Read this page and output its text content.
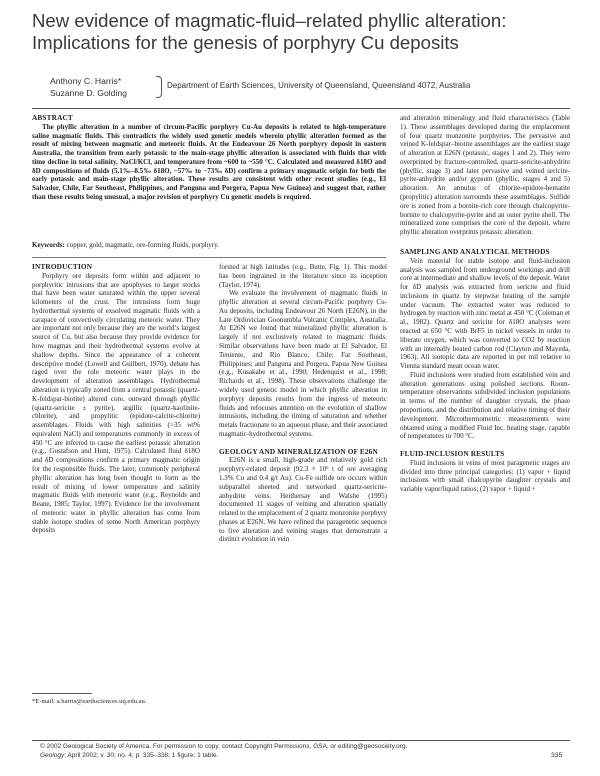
New evidence of magmatic-fluid–related phyllic alteration: Implications for the genesis of porphyry Cu deposits
Anthony C. Harris*
Suzanne D. Golding
Department of Earth Sciences, University of Queensland, Queensland 4072, Australia

ABSTRACT

The phyllic alteration in a number of circum-Pacific porphyry Cu-Au deposits is related to high-temperature saline magmatic fluids. This contradicts the widely used genetic models wherein phyllic alteration formed as the result of mixing between magmatic and meteoric fluids. At the Endeavour 26 North porphyry deposit in eastern Australia, the transition from early potassic to the main-stage phyllic alteration is associated with fluids that with time decline in total salinity, NaCl/KCl, and temperature from ~600 to ~550 °C. Calculated and measured δ18O and δD compositions of fluids (5.1‰–8.5‰ δ18O, −57‰ to −73‰ δD) confirm a primary magmatic origin for both the early potassic and main-stage phyllic alteration. These results are consistent with other recent studies (e.g., El Salvador, Chile, Far Southeast, Philippines, and Panguna and Porgera, Papua New Guinea) and suggest that, rather than these results being unusual, a major revision of porphyry Cu genetic models is required.

Keywords: copper, gold, magmatic, ore-forming fluids, porphyry.

INTRODUCTION

Porphyry ore deposits form within and adjacent to porphyritic intrusions that are apophyses to larger stocks that have been water saturated within the upper several kilometers of the crust. The intrusions form huge hydrothermal systems of exsolved magmatic fluids with a carapace of convectively circulating meteoric water. They are important not only because they are the world’s largest source of Cu, but also because they provide evidence for how magmas and their hydrothermal systems evolve at shallow depths. Since the appearance of a coherent descriptive model (Lowell and Guilbert, 1970), debate has raged over the role meteoric water plays in the development of alteration assemblages. Hydrothermal alteration is typically zoned from a central potassic (quartz-K-feldspar-biotite) altered core, outward through phyllic (quartz-sericite ± pyrite), argillic (quartz-kaolinite-chlorite), and propylitic (epidote-calcite-chlorite) assemblages. Fluids with high salinities (>35 wt% equivalent NaCl) and temperatures commonly in excess of 450 °C are inferred to cause the earliest potassic alteration (e.g., Gustafson and Hunt, 1975). Calculated fluid δ18O and δD compositions confirm a primary magmatic origin for the responsible fluids. The later, commonly peripheral phyllic alteration has long been thought to form as the result of mixing of lower temperature and salinity magmatic fluids with meteoric water (e.g., Reynolds and Beane, 1985; Taylor, 1997). Evidence for the involvement of meteoric water in phyllic alteration has come from stable isotope studies of some North American porphyry deposits

formed at high latitudes (e.g., Butte, Fig. 1). This model has been ingrained in the literature since its inception (Taylor, 1974).

We evaluate the involvement of magmatic fluids in phyllic alteration at several circum-Pacific porphyry Cu-Au deposits, including Endeavour 26 North (E26N), in the Late Ordovician Goonumbla Volcanic Complex, Australia. At E26N we found that mineralized phyllic alteration is largely if not exclusively related to magmatic fluids. Similar observations have been made at El Salvador, El Teniente, and Rio Blanco, Chile; Far Southeast, Philippines; and Panguna and Porgera, Papua New Guinea (e.g., Kusakabe et al., 1990; Hedenquist et al., 1998; Richards et al., 1998). These observations challenge the widely used genetic model in which phyllic alteration in porphyry deposits results from the ingress of meteoric fluids and refocuses attention on the evolution of shallow intrusions, including the timing of saturation and whether metals fractionate to an aqueous phase, and their associated magmatic-hydrothermal systems.

GEOLOGY AND MINERALIZATION OF E26N

E26N is a small, high-grade and relatively gold rich porphyry-related deposit (92.3 × 10⁶ t of ore averaging 1.3% Cu and 0.4 g/t Au). Cu-Fe sulfide ore occurs within subparallel sheeted and networked quartz-sericite-anhydrite veins. Heithersay and Walshe (1995) documented 11 stages of veining and alteration spatially related to the emplacement of 2 quartz monzonite porphyry phases at E26N. We have refined the paragenetic sequence to five alteration and veining stages that demonstrate a distinct evolution in vein

and alteration mineralogy and fluid characteristics (Table 1). These assemblages developed during the emplacement of four quartz monzonite porphyries. The pervasive and veined K-feldspar–biotite assemblages are the earliest stage of alteration at E26N (potassic, stages 1 and 2). They were overprinted by fracture-controlled, quartz-sericite-anhydrite (phyllic, stage 3) and later pervasive and veined sericite-pyrite-anhydrite and/or gypsum (phyllic, stages 4 and 5) alteration. An annulus of chlorite-epidote-hematite (propylitic) alteration surrounds these assemblages. Sulfide ore is zoned from a bornite-rich core through chalcopyrite-bornite to chalcopyrite-pyrite and an outer pyrite shell. The mineralized zone comprises the core of the deposit, where phyllic alteration overprints potassic alteration.

SAMPLING AND ANALYTICAL METHODS

Vein material for stable isotope and fluid-inclusion analysis was sampled from underground workings and drill core at intermediate and shallow levels of the deposit. Water for δD analysis was extracted from sericite and fluid inclusions in quartz by stepwise heating of the sample under vacuum. The extracted water was reduced to hydrogen by reaction with zinc metal at 450 °C (Coleman et al., 1982). Quartz and sericite for δ18O analyses were reacted at 650 °C with BrF5 in nickel vessels in order to liberate oxygen, which was converted to CO2 by reaction with an internally heated carbon rod (Clayton and Mayeda, 1963). All isotopic data are reported in per mil relative to Vienna standard mean ocean water.

Fluid inclusions were studied from established vein and alteration generations using polished sections. Room-temperature observations subdivided inclusion populations in terms of the number of daughter crystals, the phase proportions, and the distribution and relative timing of their development. Microthermometric measurements were obtained using a modified Fluid Inc. heating stage, capable of temperatures to 700 °C.

FLUID-INCLUSION RESULTS

Fluid inclusions in veins of most paragenetic stages are divided into three principal categories: (1) vapor + liquid inclusions with small chalcopyrite daughter crystals and variable vapor/liquid ratios; (2) vapor + liquid +

*E-mail: a.harris@earthsciences.uq.edu.au.
© 2002 Geological Society of America. For permission to copy, contact Copyright Permissions, GSA, or editing@geosociety.org.
Geology; April 2002; v. 30; no. 4; p. 335–338; 1 figure; 1 table.	335
